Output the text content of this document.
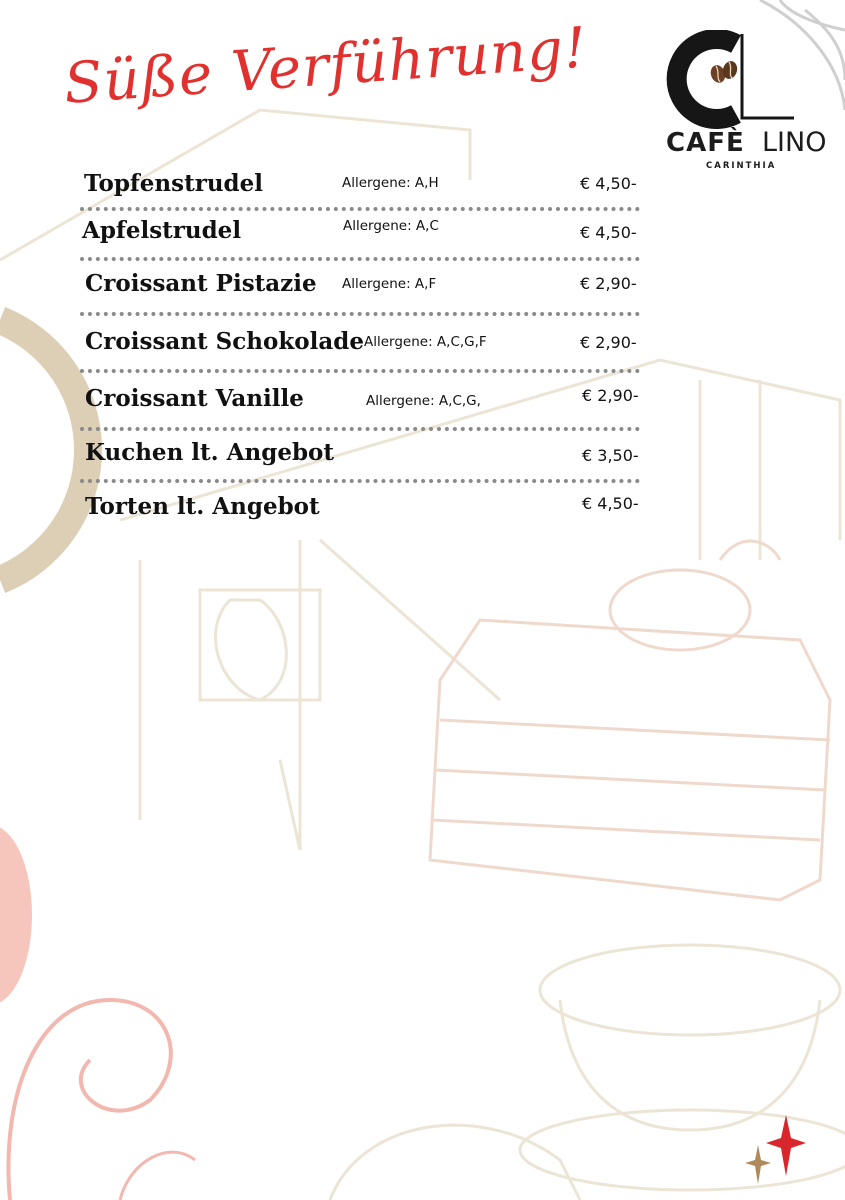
Süße Verführung!
CAFÈ LINO
CARINTHIA
Topfenstrudel	Allergene: A,H	€ 4,50-
Apfelstrudel	Allergene: A,C	€ 4,50-
Croissant Pistazie Allergene: A,F	€ 2,90-
Croissant Schokolade Allergene: A,C,G,F	€ 2,90-
Croissant Vanille	Allergene: A,C,G,	€ 2,90-
Kuchen lt. Angebot	€ 3,50-
Torten lt. Angebot	€ 4,50-
